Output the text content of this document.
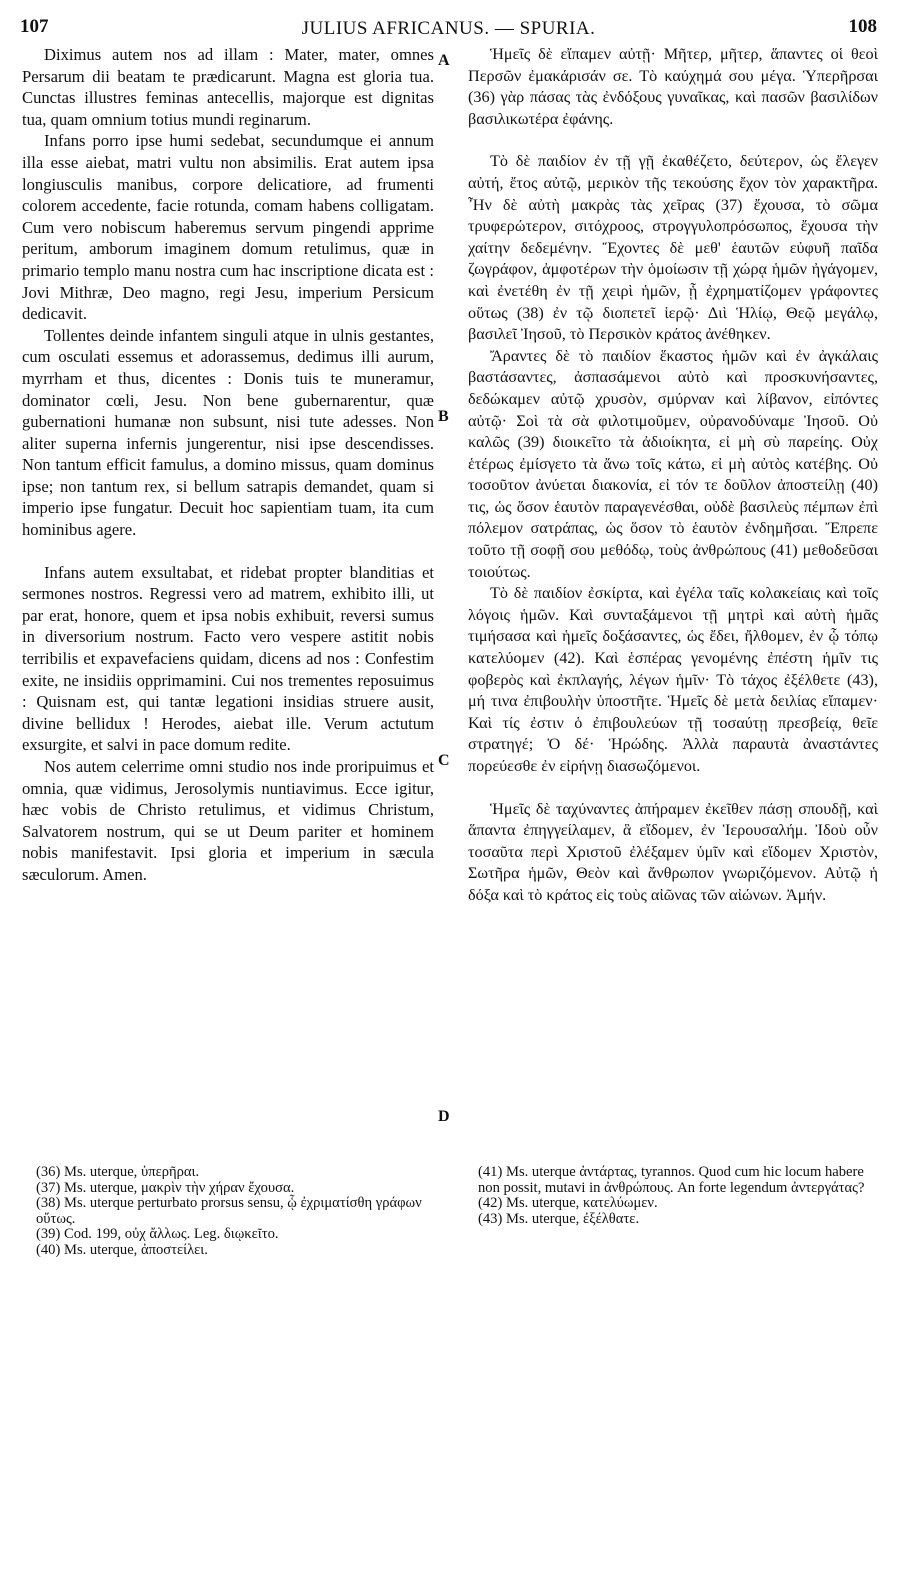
107	JULIUS AFRICANUS. — SPURIA.	108

Diximus autem nos ad illam : Mater, mater, omnes Persarum dii beatam te prædicarunt. Magna est gloria tua. Cunctas illustres feminas antecellis, majorque est dignitas tua, quam omnium totius mundi reginarum.

Infans porro ipse humi sedebat, secundumque ei annum illa esse aiebat, matri vultu non absimilis. Erat autem ipsa longiusculis manibus, corpore delicatiore, ad frumenti colorem accedente, facie rotunda, comam habens colligatam. Cum vero nobiscum haberemus servum pingendi apprime peritum, amborum imaginem domum retulimus, quæ in primario templo manu nostra cum hac inscriptione dicata est : Jovi Mithræ, Deo magno, regi Jesu, imperium Persicum dedicavit.

Tollentes deinde infantem singuli atque in ulnis gestantes, cum osculati essemus et adorassemus, dedimus illi aurum, myrrham et thus, dicentes : Donis tuis te muneramur, dominator cœli, Jesu. Non bene gubernarentur, quæ gubernationi humanæ non subsunt, nisi tute adesses. Non aliter superna infernis jungerentur, nisi ipse descendisses. Non tantum efficit famulus, a domino missus, quam dominus ipse; non tantum rex, si bellum satrapis demandet, quam si imperio ipse fungatur. Decuit hoc sapientiam tuam, ita cum hominibus agere.

Infans autem exsultabat, et ridebat propter blanditias et sermones nostros. Regressi vero ad matrem, exhibito illi, ut par erat, honore, quem et ipsa nobis exhibuit, reversi sumus in diversorium nostrum. Facto vero vespere astitit nobis terribilis et expavefaciens quidam, dicens ad nos : Confestim exite, ne insidiis opprimamini. Cui nos trementes reposuimus : Quisnam est, qui tantæ legationi insidias struere ausit, divine bellidux ! Herodes, aiebat ille. Verum actutum exsurgite, et salvi in pace domum redite.

Nos autem celerrime omni studio nos inde proripuimus et omnia, quæ vidimus, Jerosolymis nuntiavimus. Ecce igitur, hæc vobis de Christo retulimus, et vidimus Christum, Salvatorem nostrum, qui se ut Deum pariter et hominem nobis manifestavit. Ipsi gloria et imperium in sæcula sæculorum. Amen.

A
B
C
D

Ἡμεῖς δὲ εἴπαμεν αὐτῇ· Μῆτερ, μῆτερ, ἅπαντες οἱ θεοὶ Περσῶν ἐμακάρισάν σε. Τὸ καύχημά σου μέγα. Ὑπερῆρσαι (36) γὰρ πάσας τὰς ἐνδόξους γυναῖκας, καὶ πασῶν βασιλίδων βασιλικωτέρα ἐφάνης.

Τὸ δὲ παιδίον ἐν τῇ γῇ ἐκαθέζετο, δεύτερον, ὡς ἔλεγεν αὐτή, ἔτος αὐτῷ, μερικὸν τῆς τεκούσης ἔχον τὸν χαρακτῆρα. Ἦν δὲ αὐτὴ μακρὰς τὰς χεῖρας (37) ἔχουσα, τὸ σῶμα τρυφερώτερον, σιτόχροος, στρογγυλοπρόσωπος, ἔχουσα τὴν χαίτην δεδεμένην. Ἔχοντες δὲ μεθ' ἑαυτῶν εὐφυῆ παῖδα ζωγράφον, ἀμφοτέρων τὴν ὁμοίωσιν τῇ χώρᾳ ἡμῶν ἠγάγομεν, καὶ ἐνετέθη ἐν τῇ χειρὶ ἡμῶν, ᾗ ἐχρηματίζομεν γράφοντες οὕτως (38) ἐν τῷ διοπετεῖ ἱερῷ· Διὶ Ἡλίῳ, Θεῷ μεγάλῳ, βασιλεῖ Ἰησοῦ, τὸ Περσικὸν κράτος ἀνέθηκεν.

Ἄραντες δὲ τὸ παιδίον ἕκαστος ἡμῶν καὶ ἐν ἀγκάλαις βαστάσαντες, ἀσπασάμενοι αὐτὸ καὶ προσκυνήσαντες, δεδώκαμεν αὐτῷ χρυσὸν, σμύρναν καὶ λίβανον, εἰπόντες αὐτῷ· Σοὶ τὰ σὰ φιλοτιμοῦμεν, οὐρανοδύναμε Ἰησοῦ. Οὐ καλῶς (39) διοικεῖτο τὰ ἀδιοίκητα, εἰ μὴ σὺ παρείης. Οὐχ ἑτέρως ἐμίσγετο τὰ ἄνω τοῖς κάτω, εἰ μὴ αὐτὸς κατέβης. Οὐ τοσοῦτον ἀνύεται διακονία, εἰ τόν τε δοῦλον ἀποστείλῃ (40) τις, ὡς ὅσον ἑαυτὸν παραγενέσθαι, οὐδὲ βασιλεὺς πέμπων ἐπὶ πόλεμον σατράπας, ὡς ὅσον τὸ ἑαυτὸν ἐνδημῆσαι. Ἔπρεπε τοῦτο τῇ σοφῇ σου μεθόδῳ, τοὺς ἀνθρώπους (41) μεθοδεῦσαι τοιούτως.

Τὸ δὲ παιδίον ἐσκίρτα, καὶ ἐγέλα ταῖς κολακείαις καὶ τοῖς λόγοις ἡμῶν. Καὶ συνταξάμενοι τῇ μητρὶ καὶ αὐτὴ ἡμᾶς τιμήσασα καὶ ἡμεῖς δοξάσαντες, ὡς ἔδει, ἤλθομεν, ἐν ᾧ τόπῳ κατελύομεν (42). Καὶ ἑσπέρας γενομένης ἐπέστη ἡμῖν τις φοβερὸς καὶ ἐκπλαγής, λέγων ἡμῖν· Τὸ τάχος ἐξέλθετε (43), μή τινα ἐπιβουλὴν ὑποστῆτε. Ἡμεῖς δὲ μετὰ δειλίας εἴπαμεν· Καὶ τίς ἐστιν ὁ ἐπιβουλεύων τῇ τοσαύτῃ πρεσβείᾳ, θεῖε στρατηγέ; Ὁ δέ· Ἡρώδης. Ἀλλὰ παραυτὰ ἀναστάντες πορεύεσθε ἐν εἰρήνῃ διασωζόμενοι.

Ἡμεῖς δὲ ταχύναντες ἀπήραμεν ἐκεῖθεν πάσῃ σπουδῇ, καὶ ἅπαντα ἐπηγγείλαμεν, ἃ εἴδομεν, ἐν Ἱερουσαλήμ. Ἰδοὺ οὖν τοσαῦτα περὶ Χριστοῦ ἐλέξαμεν ὑμῖν καὶ εἴδομεν Χριστὸν, Σωτῆρα ἡμῶν, Θεὸν καὶ ἄνθρωπον γνωριζόμενον. Αὐτῷ ἡ δόξα καὶ τὸ κράτος εἰς τοὺς αἰῶνας τῶν αἰώνων. Ἀμήν.

(36) Ms. uterque, ὑπερῆραι.
(37) Ms. uterque, μακρὶν τὴν χήραν ἔχουσα.
(38) Ms. uterque perturbato prorsus sensu, ᾧ ἐχριματίσθη γράφων οὕτως.
(39) Cod. 199, οὐχ ἄλλως. Leg. διῳκεῖτο.
(40) Ms. uterque, ἀποστείλει.
(41) Ms. uterque ἀντάρτας, tyrannos. Quod cum hic locum habere non possit, mutavi in ἀνθρώπους. An forte legendum ἀντεργάτας?
(42) Ms. uterque, κατελύωμεν.
(43) Ms. uterque, ἐξέλθατε.
